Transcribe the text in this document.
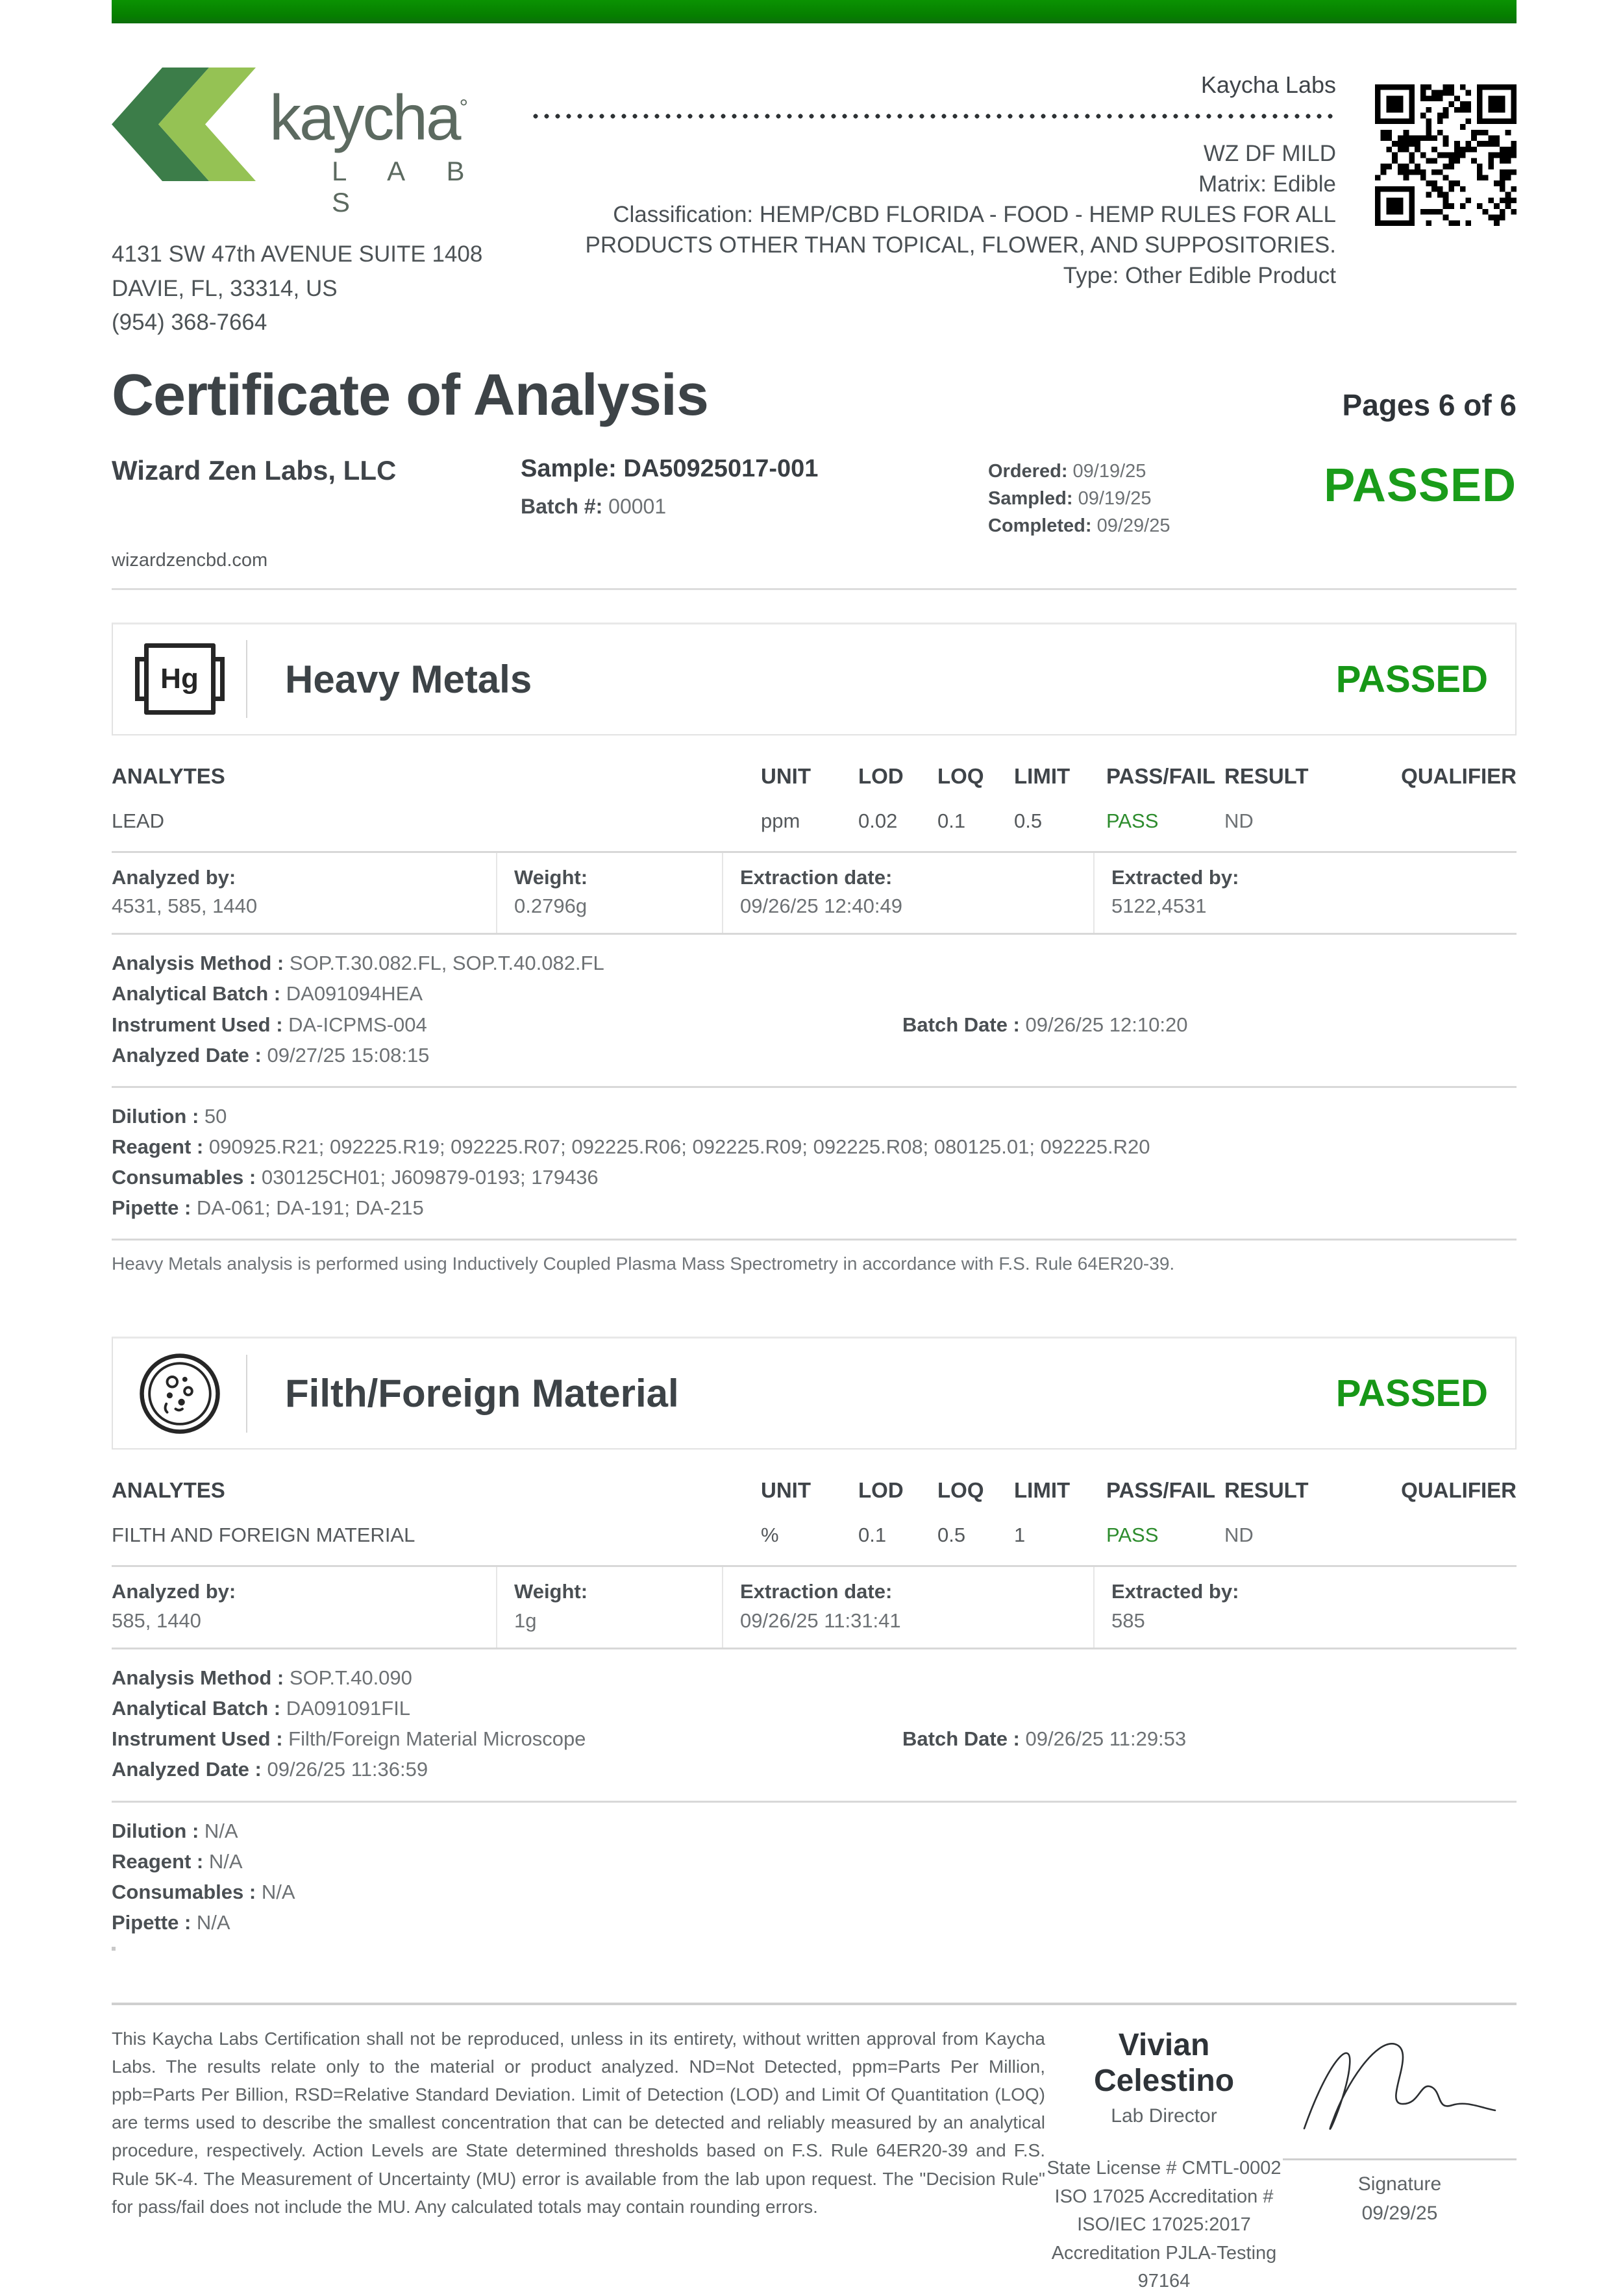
kaycha°
L A B S
4131 SW 47th AVENUE SUITE 1408
DAVIE, FL, 33314, US
(954) 368-7664
Kaycha Labs
WZ DF MILD
Matrix: Edible
Classification: HEMP/CBD FLORIDA - FOOD - HEMP RULES FOR ALL PRODUCTS OTHER THAN TOPICAL, FLOWER, AND SUPPOSITORIES.
Type: Other Edible Product
Certificate of Analysis	Pages 6 of 6
Wizard Zen Labs, LLC
wizardzencbd.com
Sample: DA50925017-001
Batch #: 00001
Ordered: 09/19/25
Sampled: 09/19/25
Completed: 09/29/25
PASSED
Hg	Heavy Metals	PASSED
ANALYTES	UNIT	LOD	LOQ	LIMIT	PASS/FAIL RESULT	QUALIFIER
LEAD	ppm	0.02	0.1	0.5	PASS	ND
Analyzed by:
4531, 585, 1440
Weight:
0.2796g
Extraction date:
09/26/25 12:40:49
Extracted by:
5122,4531
Analysis Method : SOP.T.30.082.FL, SOP.T.40.082.FL
Analytical Batch : DA091094HEA
Instrument Used : DA-ICPMS-004	Batch Date : 09/26/25 12:10:20
Analyzed Date : 09/27/25 15:08:15
Dilution : 50
Reagent : 090925.R21; 092225.R19; 092225.R07; 092225.R06; 092225.R09; 092225.R08; 080125.01; 092225.R20
Consumables : 030125CH01; J609879-0193; 179436
Pipette : DA-061; DA-191; DA-215
Heavy Metals analysis is performed using Inductively Coupled Plasma Mass Spectrometry in accordance with F.S. Rule 64ER20-39.
Filth/Foreign Material	PASSED
ANALYTES	UNIT	LOD	LOQ	LIMIT	PASS/FAIL RESULT	QUALIFIER
FILTH AND FOREIGN MATERIAL	%	0.1	0.5	1	PASS	ND
Analyzed by:
585, 1440
Weight:
1g
Extraction date:
09/26/25 11:31:41
Extracted by:
585
Analysis Method : SOP.T.40.090
Analytical Batch : DA091091FIL
Instrument Used : Filth/Foreign Material Microscope	Batch Date : 09/26/25 11:29:53
Analyzed Date : 09/26/25 11:36:59
Dilution : N/A
Reagent : N/A
Consumables : N/A
Pipette : N/A
This Kaycha Labs Certification shall not be reproduced, unless in its entirety, without written approval from Kaycha Labs. The results relate only to the material or product analyzed. ND=Not Detected, ppm=Parts Per Million, ppb=Parts Per Billion, RSD=Relative Standard Deviation. Limit of Detection (LOD) and Limit Of Quantitation (LOQ) are terms used to describe the smallest concentration that can be detected and reliably measured by an analytical procedure, respectively. Action Levels are State determined thresholds based on F.S. Rule 64ER20-39 and F.S. Rule 5K-4. The Measurement of Uncertainty (MU) error is available from the lab upon request. The "Decision Rule" for pass/fail does not include the MU. Any calculated totals may contain rounding errors.
Vivian Celestino
Lab Director
State License # CMTL-0002
ISO 17025 Accreditation #
ISO/IEC 17025:2017
Accreditation PJLA-Testing
97164
Signature
09/29/25
